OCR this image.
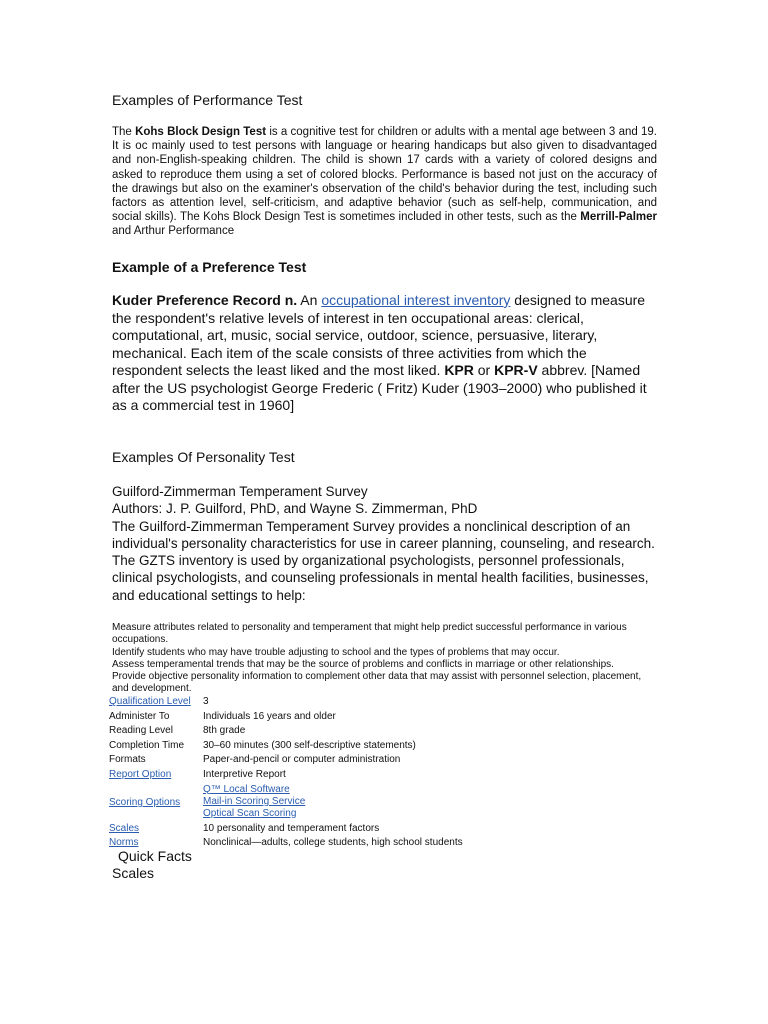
Examples of Performance Test

The Kohs Block Design Test is a cognitive test for children or adults with a mental age between 3 and 19. It is oc mainly used to test persons with language or hearing handicaps but also given to disadvantaged and non-English-speaking children. The child is shown 17 cards with a variety of colored designs and asked to reproduce them using a set of colored blocks. Performance is based not just on the accuracy of the drawings but also on the examiner's observation of the child's behavior during the test, including such factors as attention level, self-criticism, and adaptive behavior (such as self-help, communication, and social skills). The Kohs Block Design Test is sometimes included in other tests, such as the Merrill-Palmer and Arthur Performance

Example of a Preference Test

Kuder Preference Record n. An occupational interest inventory designed to measure the respondent's relative levels of interest in ten occupational areas: clerical, computational, art, music, social service, outdoor, science, persuasive, literary, mechanical. Each item of the scale consists of three activities from which the respondent selects the least liked and the most liked. KPR or KPR-V abbrev. [Named after the US psychologist George Frederic ( Fritz) Kuder (1903–2000) who published it as a commercial test in 1960]

Examples Of Personality Test
Guilford-Zimmerman Temperament Survey
Authors: J. P. Guilford, PhD, and Wayne S. Zimmerman, PhD
The Guilford-Zimmerman Temperament Survey provides a nonclinical description of an individual's personality characteristics for use in career planning, counseling, and research.
The GZTS inventory is used by organizational psychologists, personnel professionals, clinical psychologists, and counseling professionals in mental health facilities, businesses, and educational settings to help:
Measure attributes related to personality and temperament that might help predict successful performance in various occupations.
Identify students who may have trouble adjusting to school and the types of problems that may occur.
Assess temperamental trends that may be the source of problems and conflicts in marriage or other relationships.
Provide objective personality information to complement other data that may assist with personnel selection, placement, and development.
Qualification Level	3
Administer To	Individuals 16 years and older
Reading Level	8th grade
Completion Time	30–60 minutes (300 self-descriptive statements)
Formats	Paper-and-pencil or computer administration
Report Option	Interpretive Report
Scoring Options	Q™ Local Software
Mail-in Scoring Service
Optical Scan Scoring

Scales	10 personality and temperament factors
Norms	Nonclinical—adults, college students, high school students
Quick Facts
Scales
